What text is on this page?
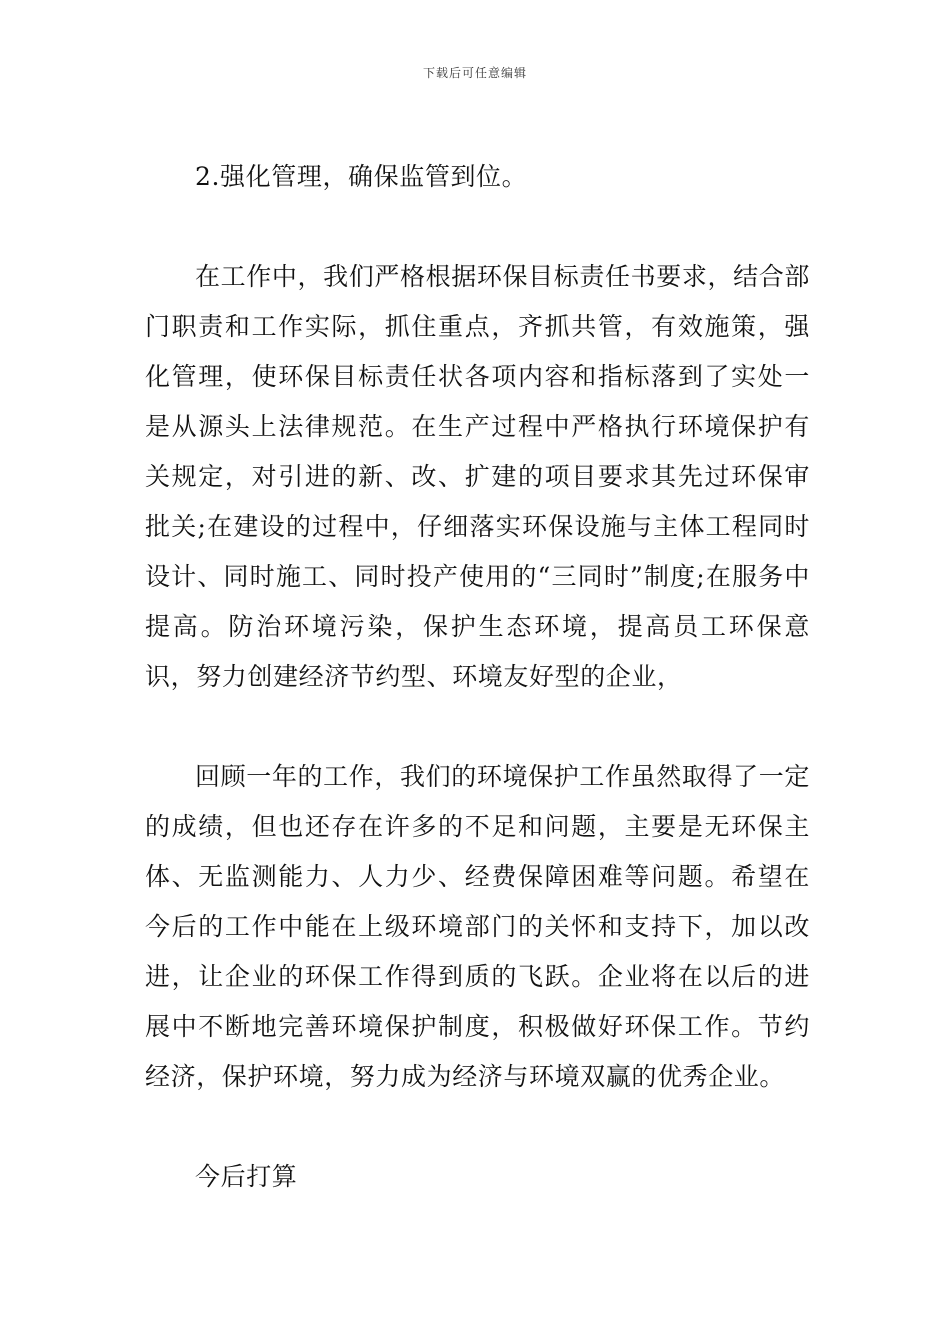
下载后可任意编辑

2.强化管理，确保监管到位。

在工作中，我们严格根据环保目标责任书要求，结合部门职责和工作实际，抓住重点，齐抓共管，有效施策，强化管理，使环保目标责任状各项内容和指标落到了实处一是从源头上法律规范。在生产过程中严格执行环境保护有关规定，对引进的新、改、扩建的项目要求其先过环保审批关;在建设的过程中，仔细落实环保设施与主体工程同时设计、同时施工、同时投产使用的“三同时”制度;在服务中提高。防治环境污染，保护生态环境，提高员工环保意识，努力创建经济节约型、环境友好型的企业，

回顾一年的工作，我们的环境保护工作虽然取得了一定的成绩，但也还存在许多的不足和问题，主要是无环保主体、无监测能力、人力少、经费保障困难等问题。希望在今后的工作中能在上级环境部门的关怀和支持下，加以改进，让企业的环保工作得到质的飞跃。企业将在以后的进展中不断地完善环境保护制度，积极做好环保工作。节约经济，保护环境，努力成为经济与环境双赢的优秀企业。

今后打算
